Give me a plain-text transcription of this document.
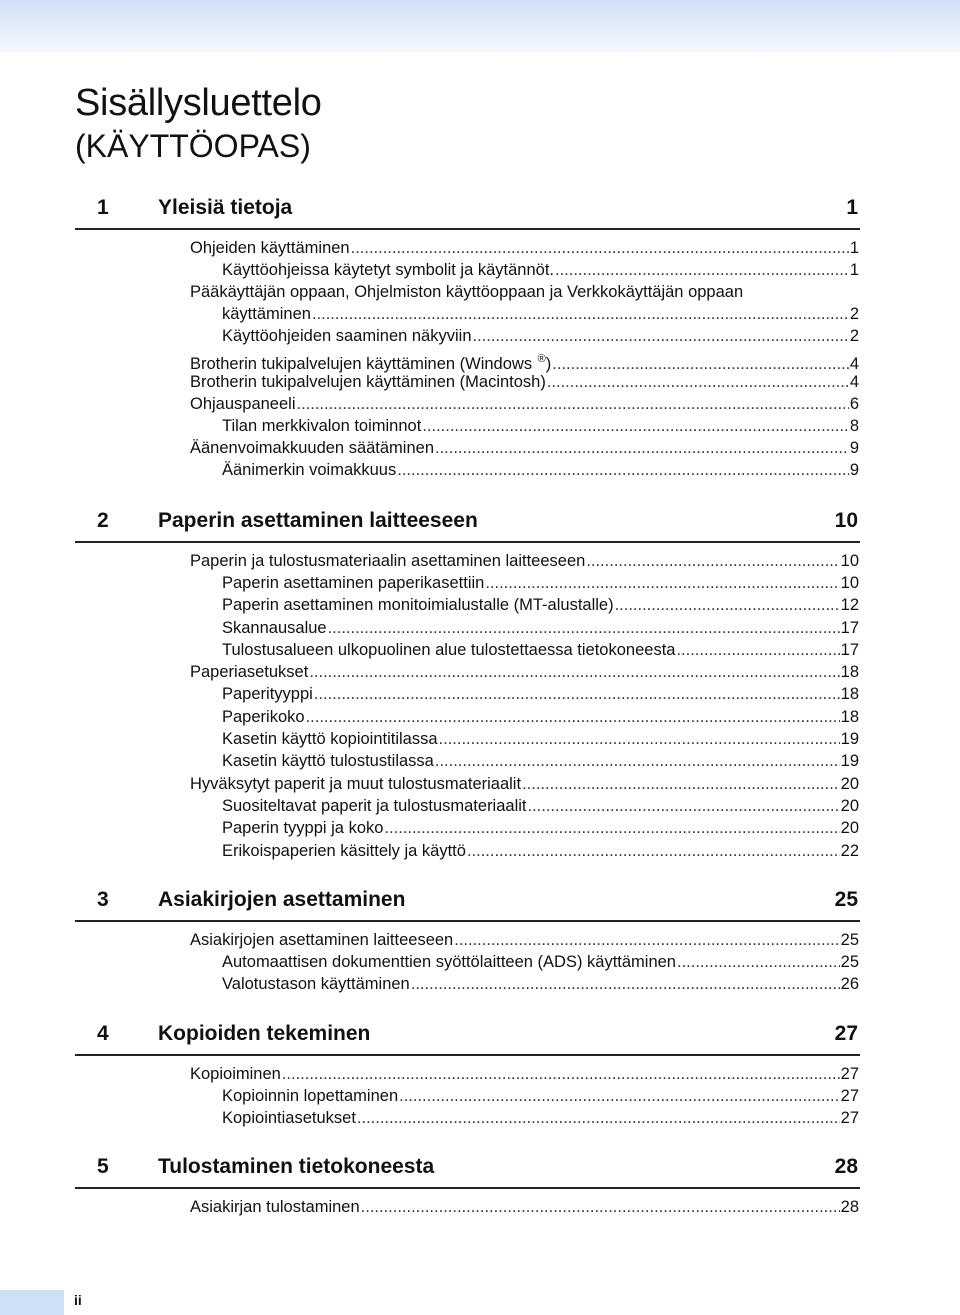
Sisällysluettelo
(KÄYTTÖOPAS)
1 Yleisiä tietoja	1
Ohjeiden käyttäminen .....	1
Käyttöohjeissa käytetyt symbolit ja käytännöt. .....	1
Pääkäyttäjän oppaan, Ohjelmiston käyttöoppaan ja Verkkokäyttäjän oppaan
käyttäminen .....	2
Käyttöohjeiden saaminen näkyviin .....	2
Brotherin tukipalvelujen käyttäminen (Windows ®) .....	4
Brotherin tukipalvelujen käyttäminen (Macintosh) .....	4
Ohjauspaneeli .....	6
Tilan merkkivalon toiminnot .....	8
Äänenvoimakkuuden säätäminen .....	9
Äänimerkin voimakkuus .....	9
2 Paperin asettaminen laitteeseen	10
Paperin ja tulostusmateriaalin asettaminen laitteeseen .....	10
Paperin asettaminen paperikasettiin .....	10
Paperin asettaminen monitoimialustalle (MT-alustalle) .....	12
Skannausalue .....	17
Tulostusalueen ulkopuolinen alue tulostettaessa tietokoneesta .....	17
Paperiasetukset .....	18
Paperityyppi .....	18
Paperikoko .....	18
Kasetin käyttö kopiointitilassa .....	19
Kasetin käyttö tulostustilassa .....	19
Hyväksytyt paperit ja muut tulostusmateriaalit .....	20
Suositeltavat paperit ja tulostusmateriaalit .....	20
Paperin tyyppi ja koko .....	20
Erikoispaperien käsittely ja käyttö .....	22
3 Asiakirjojen asettaminen	25
Asiakirjojen asettaminen laitteeseen .....	25
Automaattisen dokumenttien syöttölaitteen (ADS) käyttäminen .....	25
Valotustason käyttäminen .....	26
4 Kopioiden tekeminen	27
Kopioiminen .....	27
Kopioinnin lopettaminen .....	27
Kopiointiasetukset .....	27
5 Tulostaminen tietokoneesta	28
Asiakirjan tulostaminen .....	28
ii
